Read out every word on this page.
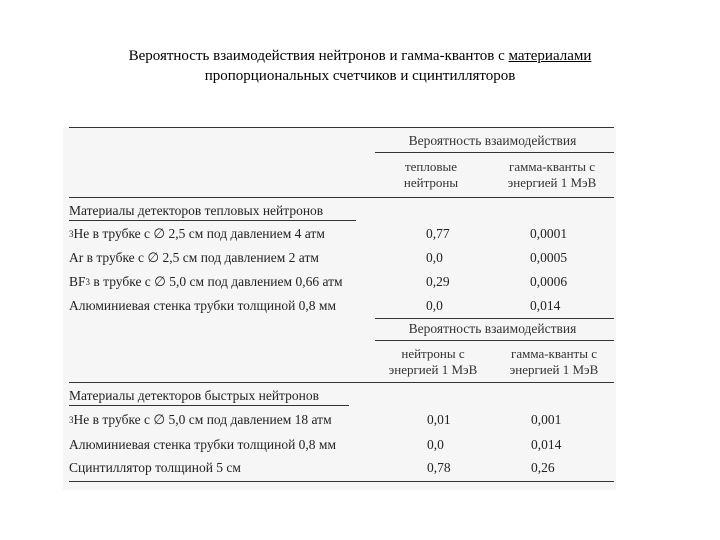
Вероятность взаимодействия нейтронов и гамма-квантов с материалами
пропорциональных счетчиков и сцинтилляторов
Вероятность взаимодействия
тепловые нейтроны
гамма-кванты с энергией 1 МэВ
Материалы детекторов тепловых нейтронов
$^3$Не в трубке с ∅ 2,5 см под давлением 4 атм	0,77	0,0001
Ar в трубке с ∅ 2,5 см под давлением 2 атм	0,0	0,0005
BF3 в трубке с ∅ 5,0 см под давлением 0,66 атм	0,29	0,0006
Алюминиевая стенка трубки толщиной 0,8 мм	0,0	0,014
Вероятность взаимодействия
нейтроны с энергией 1 МэВ
гамма-кванты с энергией 1 МэВ
Материалы детекторов быстрых нейтронов
$^3$Не в трубке с ∅ 5,0 см под давлением 18 атм	0,01	0,001
Алюминиевая стенка трубки толщиной 0,8 мм	0,0	0,014
Сцинтиллятор толщиной 5 см	0,78	0,26
